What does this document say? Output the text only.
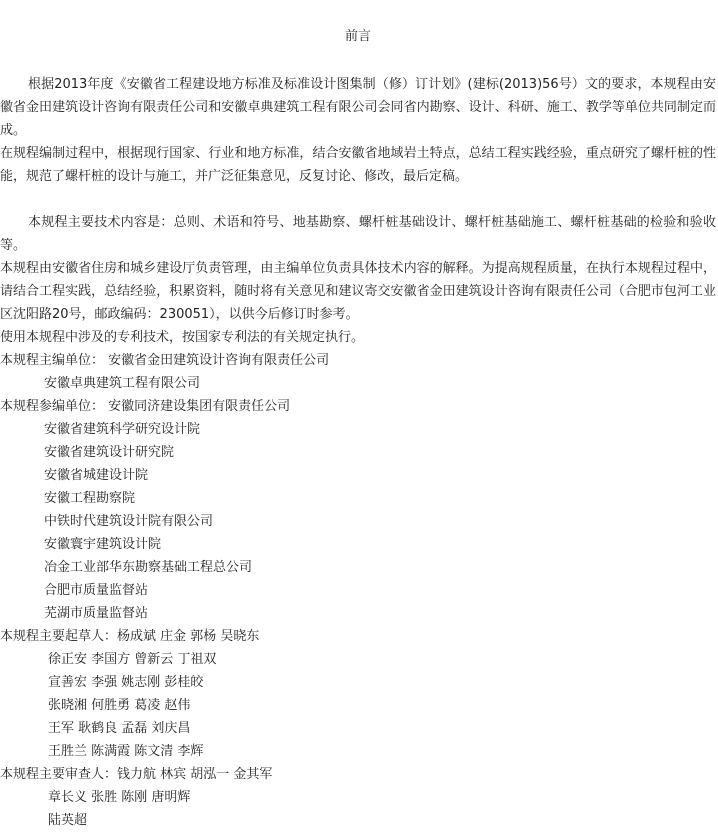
前言

根据2013年度《安徽省工程建设地方标准及标准设计图集制（修）订计划》(建标(2013)56号）文的要求，本规程由安徽省金田建筑设计咨询有限责任公司和安徽卓典建筑工程有限公司会同省内勘察、设计、科研、施工、教学等单位共同制定而成。

在规程编制过程中，根据现行国家、行业和地方标准，结合安徽省地域岩土特点，总结工程实践经验，重点研究了螺杆桩的性能，规范了螺杆桩的设计与施工，并广泛征集意见，反复讨论、修改，最后定稿。

本规程主要技术内容是：总则、术语和符号、地基勘察、螺杆桩基础设计、螺杆桩基础施工、螺杆桩基础的检验和验收等。

本规程由安徽省住房和城乡建设厅负责管理，由主编单位负责具体技术内容的解释。为提高规程质量，在执行本规程过程中，请结合工程实践，总结经验，积累资料，随时将有关意见和建议寄交安徽省金田建筑设计咨询有限责任公司（合肥市包河工业区沈阳路20号，邮政编码：230051），以供今后修订时参考。

使用本规程中涉及的专利技术，按国家专利法的有关规定执行。

本规程主编单位： 安徽省金田建筑设计咨询有限责任公司
安徽卓典建筑工程有限公司
本规程参编单位： 安徽同济建设集团有限责任公司
安徽省建筑科学研究设计院
安徽省建筑设计研究院
安徽省城建设计院
安徽工程勘察院
中铁时代建筑设计院有限公司
安徽寰宇建筑设计院
冶金工业部华东勘察基础工程总公司
合肥市质量监督站
芜湖市质量监督站
本规程主要起草人：杨成斌 庄金 郭杨 吴晓东
徐正安 李国方 曾新云 丁祖双
宣善宏 李强 姚志刚 彭桂皎
张晓湘 何胜勇 葛凌 赵伟
王军 耿鹤良 孟磊 刘庆昌
王胜兰 陈满霞 陈文清 李辉
本规程主要审查人：钱力航 林宾 胡泓一 金其军
章长义 张胜 陈刚 唐明辉
陆英超
